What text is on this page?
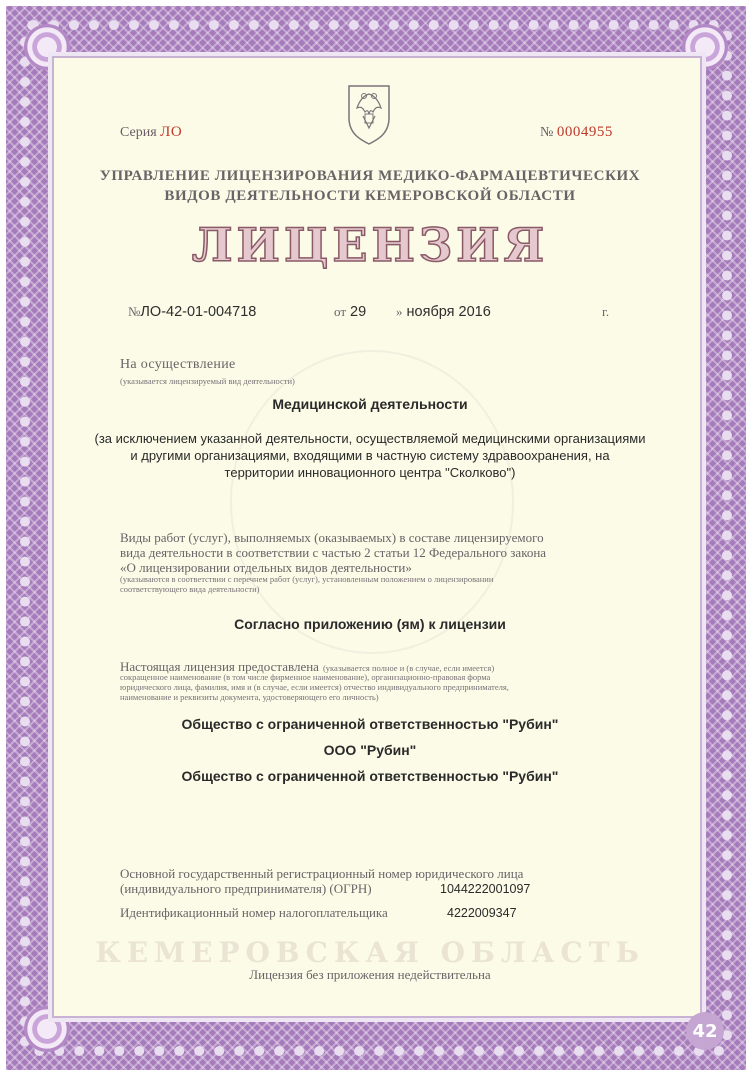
Серия ЛО	№ 0004955
УПРАВЛЕНИЕ ЛИЦЕНЗИРОВАНИЯ МЕДИКО-ФАРМАЦЕВТИЧЕСКИХ
ВИДОВ ДЕЯТЕЛЬНОСТИ КЕМЕРОВСКОЙ ОБЛАСТИ
ЛИЦЕНЗИЯ
№ЛО-42-01-004718	от 29 » ноября 2016	г.
На осуществление
(указывается лицензируемый вид деятельности)
Медицинской деятельности
(за исключением указанной деятельности, осуществляемой медицинскими организациями
и другими организациями, входящими в частную систему здравоохранения, на
территории инновационного центра "Сколково")
Виды работ (услуг), выполняемых (оказываемых) в составе лицензируемого
вида деятельности в соответствии с частью 2 статьи 12 Федерального закона
«О лицензировании отдельных видов деятельности»
(указываются в соответствии с перечнем работ (услуг), установленным положением о лицензировании
соответствующего вида деятельности)
Согласно приложению (ям) к лицензии
Настоящая лицензия предоставлена (указывается полное и (в случае, если имеется)
сокращенное наименование (в том числе фирменное наименование), организационно-правовая форма
юридического лица, фамилия, имя и (в случае, если имеется) отчество индивидуального предпринимателя,
наименование и реквизиты документа, удостоверяющего его личность)
Общество с ограниченной ответственностью "Рубин"
ООО "Рубин"
Общество с ограниченной ответственностью "Рубин"
Основной государственный регистрационный номер юридического лица
(индивидуального предпринимателя) (ОГРН)	1044222001097
Идентификационный номер налогоплательщика	4222009347
КЕМЕРОВСКАЯ ОБЛАСТЬ
Лицензия без приложения недействительна
42
